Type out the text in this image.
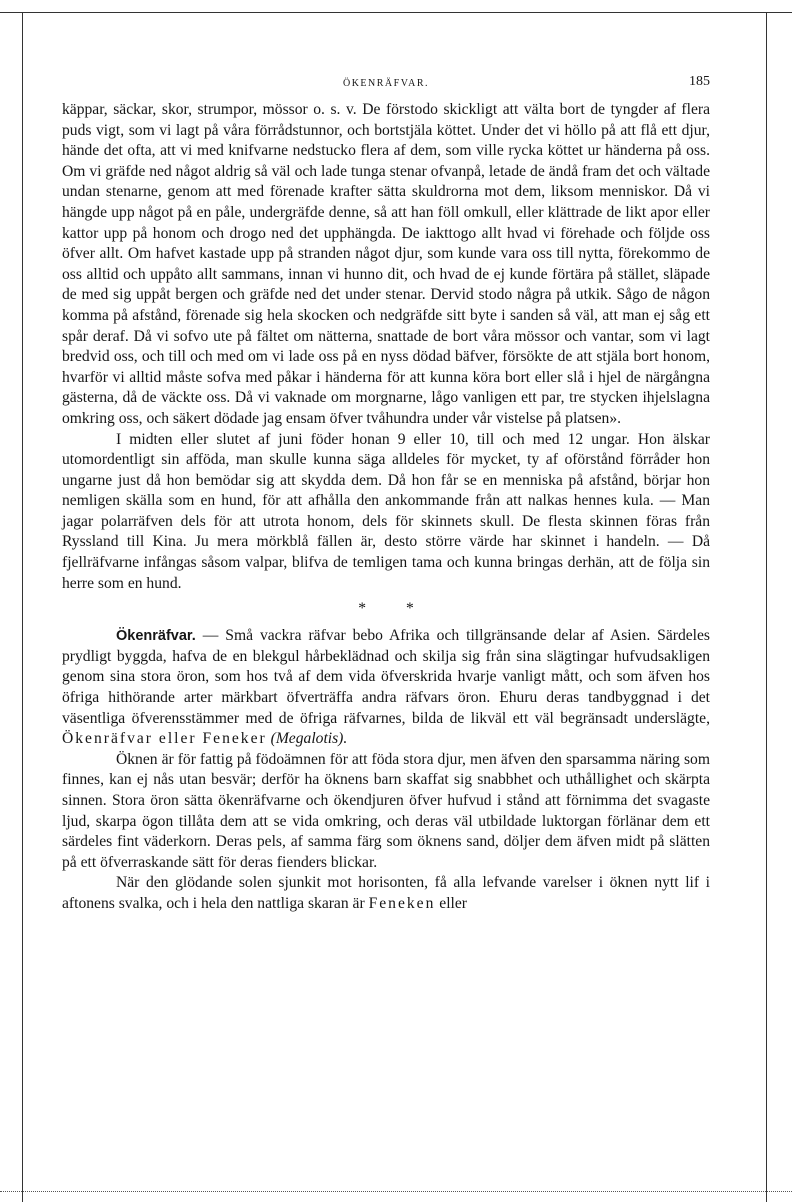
ÖKENRÄFVAR.	185

käppar, säckar, skor, strumpor, mössor o. s. v. De förstodo skickligt att välta bort de tyngder af flera puds vigt, som vi lagt på våra förrådstunnor, och bortstjäla köttet. Under det vi höllo på att flå ett djur, hände det ofta, att vi med knifvarne nedstucko flera af dem, som ville rycka köttet ur händerna på oss. Om vi gräfde ned något aldrig så väl och lade tunga stenar ofvanpå, letade de ändå fram det och vältade undan stenarne, genom att med förenade krafter sätta skuldrorna mot dem, liksom menniskor. Då vi hängde upp något på en påle, undergräfde denne, så att han föll omkull, eller klättrade de likt apor eller kattor upp på honom och drogo ned det upphängda. De iakttogo allt hvad vi förehade och följde oss öfver allt. Om hafvet kastade upp på stranden något djur, som kunde vara oss till nytta, förekommo de oss alltid och uppåto allt sammans, innan vi hunno dit, och hvad de ej kunde förtära på stället, släpade de med sig uppåt bergen och gräfde ned det under stenar. Dervid stodo några på utkik. Sågo de någon komma på afstånd, förenade sig hela skocken och nedgräfde sitt byte i sanden så väl, att man ej såg ett spår deraf. Då vi sofvo ute på fältet om nätterna, snattade de bort våra mössor och vantar, som vi lagt bredvid oss, och till och med om vi lade oss på en nyss dödad bäfver, försökte de att stjäla bort honom, hvarför vi alltid måste sofva med påkar i händerna för att kunna köra bort eller slå i hjel de närgångna gästerna, då de väckte oss. Då vi vaknade om morgnarne, lågo vanligen ett par, tre stycken ihjelslagna omkring oss, och säkert dödade jag ensam öfver tvåhundra under vår vistelse på platsen».

I midten eller slutet af juni föder honan 9 eller 10, till och med 12 ungar. Hon älskar utomordentligt sin afföda, man skulle kunna säga alldeles för mycket, ty af oförstånd förråder hon ungarne just då hon bemödar sig att skydda dem. Då hon får se en menniska på afstånd, börjar hon nemligen skälla som en hund, för att afhålla den ankommande från att nalkas hennes kula. — Man jagar polarräfven dels för att utrota honom, dels för skinnets skull. De flesta skinnen föras från Ryssland till Kina. Ju mera mörkblå fällen är, desto större värde har skinnet i handeln. — Då fjellräfvarne infångas såsom valpar, blifva de temligen tama och kunna bringas derhän, att de följa sin herre som en hund.

* *

Ökenräfvar. — Små vackra räfvar bebo Afrika och tillgränsande delar af Asien. Särdeles prydligt byggda, hafva de en blekgul hårbeklädnad och skilja sig från sina slägtingar hufvudsakligen genom sina stora öron, som hos två af dem vida öfverskrida hvarje vanligt mått, och som äfven hos öfriga hithörande arter märkbart öfverträffa andra räfvars öron. Ehuru deras tandbyggnad i det väsentliga öfverensstämmer med de öfriga räfvarnes, bilda de likväl ett väl begränsadt underslägte, Ökenräfvar eller Feneker (Megalotis).

Öknen är för fattig på födoämnen för att föda stora djur, men äfven den sparsamma näring som finnes, kan ej nås utan besvär; derför ha öknens barn skaffat sig snabbhet och uthållighet och skärpta sinnen. Stora öron sätta ökenräfvarne och ökendjuren öfver hufvud i stånd att förnimma det svagaste ljud, skarpa ögon tillåta dem att se vida omkring, och deras väl utbildade luktorgan förlänar dem ett särdeles fint väderkorn. Deras pels, af samma färg som öknens sand, döljer dem äfven midt på slätten på ett öfverraskande sätt för deras fienders blickar.

När den glödande solen sjunkit mot horisonten, få alla lefvande varelser i öknen nytt lif i aftonens svalka, och i hela den nattliga skaran är Feneken eller
